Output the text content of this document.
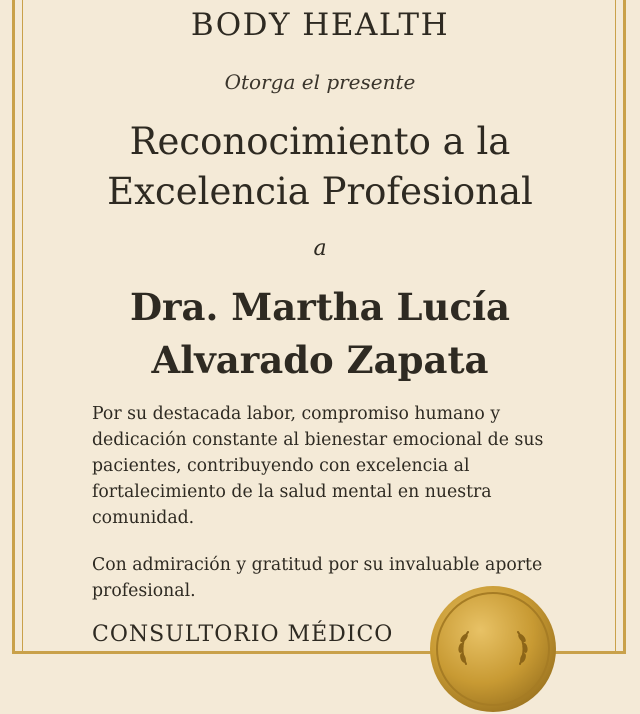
BODY HEALTH
Otorga el presente
Reconocimiento a la
Excelencia Profesional
a
Dra. Martha Lucía
Alvarado Zapata
Por su destacada labor, compromiso humano y dedicación constante al bienestar emocional de sus pacientes, contribuyendo con excelencia al fortalecimiento de la salud mental en nuestra comunidad.
Con admiración y gratitud por su invaluable aporte profesional.
CONSULTORIO MÉDICO
